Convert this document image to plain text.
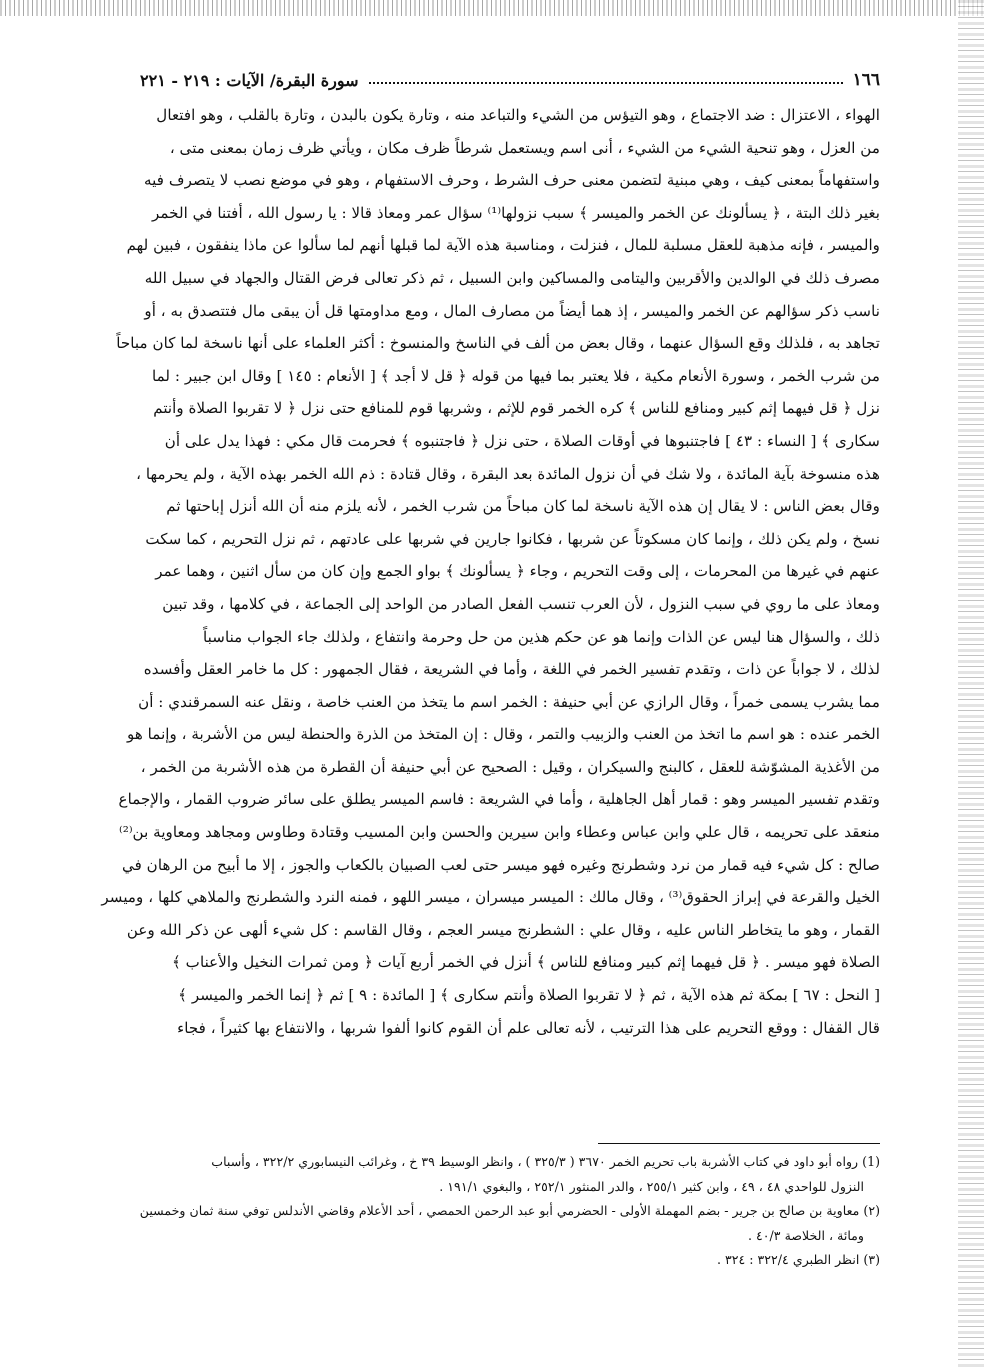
١٦٦
سورة البقرة/ الآيات : ٢١٩ - ٢٢١
الهواء ، الاعتزال : ضد الاجتماع ، وهو التيؤس من الشيء والتباعد منه ، وتارة يكون بالبدن ، وتارة بالقلب ، وهو افتعال
من العزل ، وهو تنحية الشيء من الشيء ، أنى اسم ويستعمل شرطاً ظرف مكان ، ويأتي ظرف زمان بمعنى متى ،
واستفهاماً بمعنى كيف ، وهي مبنية لتضمن معنى حرف الشرط ، وحرف الاستفهام ، وهو في موضع نصب لا يتصرف فيه
بغير ذلك البتة ، ﴿ يسألونك عن الخمر والميسر ﴾ سبب نزولها⁽¹⁾ سؤال عمر ومعاذ قالا : يا رسول الله ، أفتنا في الخمر
والميسر ، فإنه مذهبة للعقل مسلبة للمال ، فنزلت ، ومناسبة هذه الآية لما قبلها أنهم لما سألوا عن ماذا ينفقون ، فبين لهم
مصرف ذلك في الوالدين والأقربين واليتامى والمساكين وابن السبيل ، ثم ذكر تعالى فرض القتال والجهاد في سبيل الله
ناسب ذكر سؤالهم عن الخمر والميسر ، إذ هما أيضاً من مصارف المال ، ومع مداومتها قل أن يبقى مال فتتصدق به ، أو
تجاهد به ، فلذلك وقع السؤال عنهما ، وقال بعض من ألف في الناسخ والمنسوخ : أكثر العلماء على أنها ناسخة لما كان مباحاً
من شرب الخمر ، وسورة الأنعام مكية ، فلا يعتبر بما فيها من قوله ﴿ قل لا أجد ﴾ [ الأنعام : ١٤٥ ] وقال ابن جبير : لما
نزل ﴿ قل فيهما إثم كبير ومنافع للناس ﴾ كره الخمر قوم للإثم ، وشربها قوم للمنافع حتى نزل ﴿ لا تقربوا الصلاة وأنتم
سكارى ﴾ [ النساء : ٤٣ ] فاجتنبوها في أوقات الصلاة ، حتى نزل ﴿ فاجتنبوه ﴾ فحرمت قال مكي : فهذا يدل على أن
هذه منسوخة بآية المائدة ، ولا شك في أن نزول المائدة بعد البقرة ، وقال قتادة : ذم الله الخمر بهذه الآية ، ولم يحرمها ،
وقال بعض الناس : لا يقال إن هذه الآية ناسخة لما كان مباحاً من شرب الخمر ، لأنه يلزم منه أن الله أنزل إباحتها ثم
نسخ ، ولم يكن ذلك ، وإنما كان مسكوتاً عن شربها ، فكانوا جارين في شربها على عادتهم ، ثم نزل التحريم ، كما سكت
عنهم في غيرها من المحرمات ، إلى وقت التحريم ، وجاء ﴿ يسألونك ﴾ بواو الجمع وإن كان من سأل اثنين ، وهما عمر
ومعاذ على ما روي في سبب النزول ، لأن العرب تنسب الفعل الصادر من الواحد إلى الجماعة ، في كلامها ، وقد تبين
ذلك ، والسؤال هنا ليس عن الذات وإنما هو عن حكم هذين من حل وحرمة وانتفاع ، ولذلك جاء الجواب مناسباً
لذلك ، لا جواباً عن ذات ، وتقدم تفسير الخمر في اللغة ، وأما في الشريعة ، فقال الجمهور : كل ما خامر العقل وأفسده
مما يشرب يسمى خمراً ، وقال الرازي عن أبي حنيفة : الخمر اسم ما يتخذ من العنب خاصة ، ونقل عنه السمرقندي : أن
الخمر عنده : هو اسم ما اتخذ من العنب والزبيب والتمر ، وقال : إن المتخذ من الذرة والحنطة ليس من الأشربة ، وإنما هو
من الأغذية المشوّشة للعقل ، كالبنج والسيكران ، وقيل : الصحيح عن أبي حنيفة أن القطرة من هذه الأشربة من الخمر ،
وتقدم تفسير الميسر وهو : قمار أهل الجاهلية ، وأما في الشريعة : فاسم الميسر يطلق على سائر ضروب القمار ، والإجماع
منعقد على تحريمه ، قال علي وابن عباس وعطاء وابن سيرين والحسن وابن المسيب وقتادة وطاوس ومجاهد ومعاوية بن⁽²⁾
صالح : كل شيء فيه قمار من نرد وشطرنج وغيره فهو ميسر حتى لعب الصبيان بالكعاب والجوز ، إلا ما أبيح من الرهان في
الخيل والقرعة في إبراز الحقوق⁽³⁾ ، وقال مالك : الميسر ميسران ، ميسر اللهو ، فمنه النرد والشطرنج والملاهي كلها ، وميسر
القمار ، وهو ما يتخاطر الناس عليه ، وقال علي : الشطرنج ميسر العجم ، وقال القاسم : كل شيء ألهى عن ذكر الله وعن
الصلاة فهو ميسر . ﴿ قل فيهما إثم كبير ومنافع للناس ﴾ أنزل في الخمر أربع آيات ﴿ ومن ثمرات النخيل والأعناب ﴾
[ النحل : ٦٧ ] بمكة ثم هذه الآية ، ثم ﴿ لا تقربوا الصلاة وأنتم سكارى ﴾ [ المائدة : ٩ ] ثم ﴿ إنما الخمر والميسر ﴾
قال القفال : ووقع التحريم على هذا الترتيب ، لأنه تعالى علم أن القوم كانوا ألفوا شربها ، والانتفاع بها كثيراً ، فجاء
(1) رواه أبو داود في كتاب الأشربة باب تحريم الخمر ٣٦٧٠ ( ٣٢٥/٣ ) ، وانظر الوسيط ٣٩ خ ، وغرائب النيسابوري ٣٢٢/٢ ، وأسباب
النزول للواحدي ٤٨ ، ٤٩ ، وابن كثير ٢٥٥/١ ، والدر المنثور ٢٥٢/١ ، والبغوي ١٩١/١ .
(٢) معاوية بن صالح بن جرير - بضم المهملة الأولى - الحضرمي أبو عبد الرحمن الحمصي ، أحد الأعلام وقاضي الأندلس توفي سنة ثمان وخمسين
ومائة ، الخلاصة ٤٠/٣ .
(٣) انظر الطبري ٣٢٢/٤ : ٣٢٤ .
